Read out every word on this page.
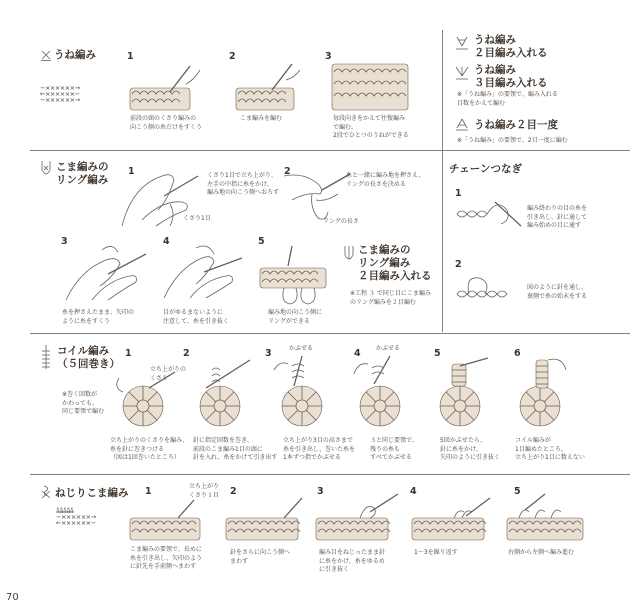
うね編み
−××××××→
←××××××−
−××××××→
1
前段の頭のくさり編みの
向こう側の糸だけをすくう
2
こま編みを編む
3
毎段向きをかえて往復編み
で編む。
2段でひとつのうねができる
うね編み
２目編み入れる
うね編み
３目編み入れる
※「うね編み」の要領で、編み入れる
目数をかえて編む
うね編み２目一度
※「うね編み」の要領で、2目一度に編む
こま編みの
リング編み
1	くさり1目で立ち上がり、
左手の中指に糸をかけ、
編み地の向こう側へおろす
くさり1目
2	糸と一緒に編み地を押さえ、
リングの長さを決める
リングの長さ
3
糸を押さえたまま、矢印の
ように糸をすくう
4
目がゆるまないように
注意して、糸を引き抜く
5
編み地の向こう側に
リングができる
こま編みの
リング編み
２目編み入れる
※工程 ３ で同じ目にこま編み
のリング編みを２目編む
チェーンつなぎ
1
編み終わりの目の糸を
引き出し、針に通して
編み始めの目に通す
2
図のように針を通し、
裏側で糸の始末をする
コイル編み
（５回巻き）
※巻く回数が
かわっても、
同じ要領で編む
立ち上がりの
くさり
かぶせる	かぶせる
1	2	3	4	5	6
立ち上がりのくさりを編み、
糸を針に巻きつける
（図は1回巻いたところ）
針に指定回数を巻き、
前段のこま編み1目の頭に
針を入れ、糸をかけて引き出す
立ち上がり3目の高さまで
糸を引き出し、巻いた糸を
1本ずつ指でかぶせる
３と同じ要領で、
残りの糸も
すべてかぶせる
5回かぶせたら、
針に糸をかけ、
矢印のように引き抜く
コイル編みが
1目編めたところ。
立ち上がり1目に数えない
ねじりこま編み
ååååå
−××××××→
←××××××−
立ち上がり
くさり１目
1	2	3	4	5
こま編みの要領で、長めに
糸を引き出し、矢印のよう
に針先を手前側へまわす
針をさらに向こう側へ
まわす
編み目をねじったまま針
に糸をかけ、糸をゆるめ
に引き抜く
1～3を繰り返す	右側から左側へ編み進む
70
